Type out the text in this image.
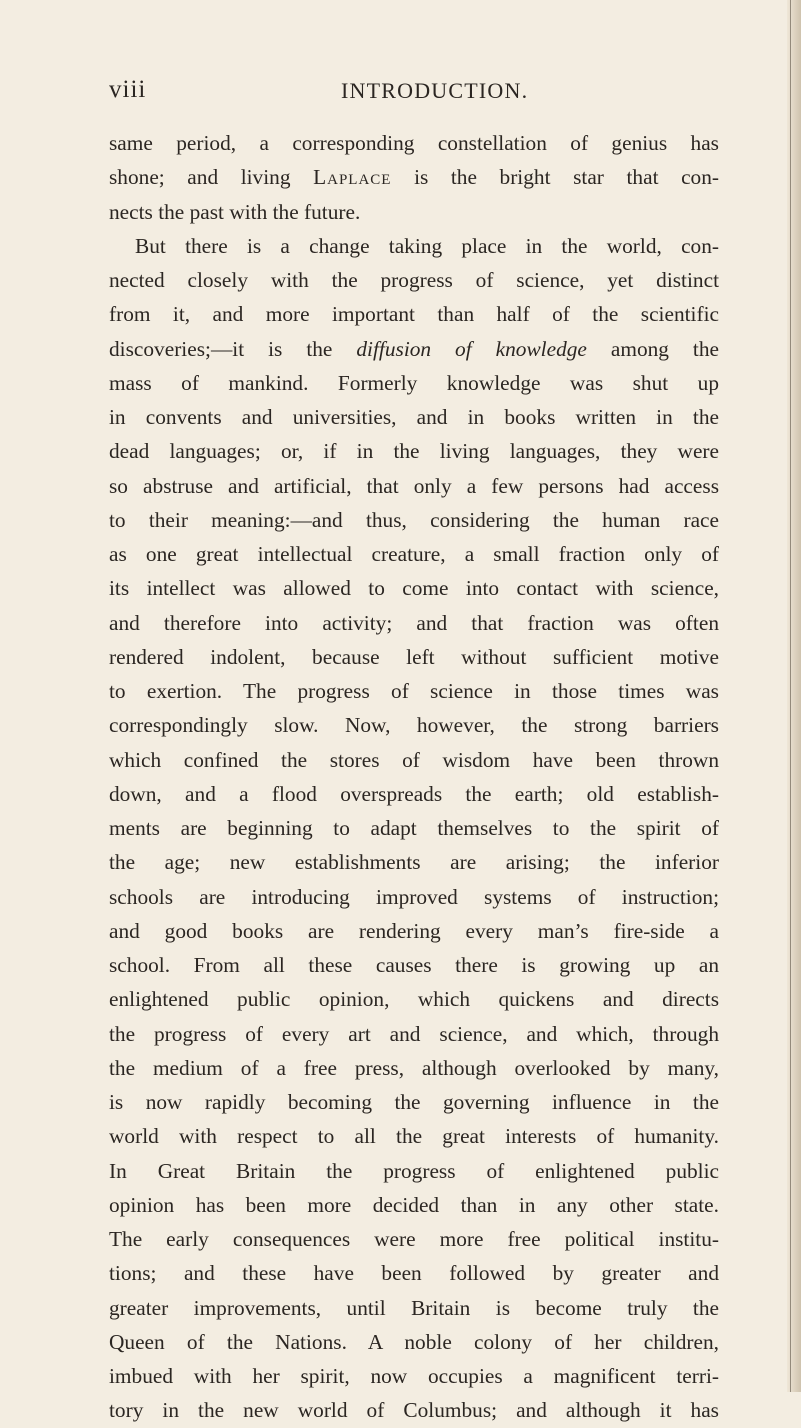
viii	INTRODUCTION.
same period, a corresponding constellation of genius has
shone; and living Laplace is the bright star that con-
nects the past with the future.
But there is a change taking place in the world, con-
nected closely with the progress of science, yet distinct
from it, and more important than half of the scientific
discoveries;—it is the diffusion of knowledge among the
mass of mankind. Formerly knowledge was shut up
in convents and universities, and in books written in the
dead languages; or, if in the living languages, they were
so abstruse and artificial, that only a few persons had access
to their meaning:—and thus, considering the human race
as one great intellectual creature, a small fraction only of
its intellect was allowed to come into contact with science,
and therefore into activity; and that fraction was often
rendered indolent, because left without sufficient motive
to exertion. The progress of science in those times was
correspondingly slow. Now, however, the strong barriers
which confined the stores of wisdom have been thrown
down, and a flood overspreads the earth; old establish-
ments are beginning to adapt themselves to the spirit of
the age; new establishments are arising; the inferior
schools are introducing improved systems of instruction;
and good books are rendering every man’s fire-side a
school. From all these causes there is growing up an
enlightened public opinion, which quickens and directs
the progress of every art and science, and which, through
the medium of a free press, although overlooked by many,
is now rapidly becoming the governing influence in the
world with respect to all the great interests of humanity.
In Great Britain the progress of enlightened public
opinion has been more decided than in any other state.
The early consequences were more free political institu-
tions; and these have been followed by greater and
greater improvements, until Britain is become truly the
Queen of the Nations. A noble colony of her children,
imbued with her spirit, now occupies a magnificent terri-
tory in the new world of Columbus; and although it has
